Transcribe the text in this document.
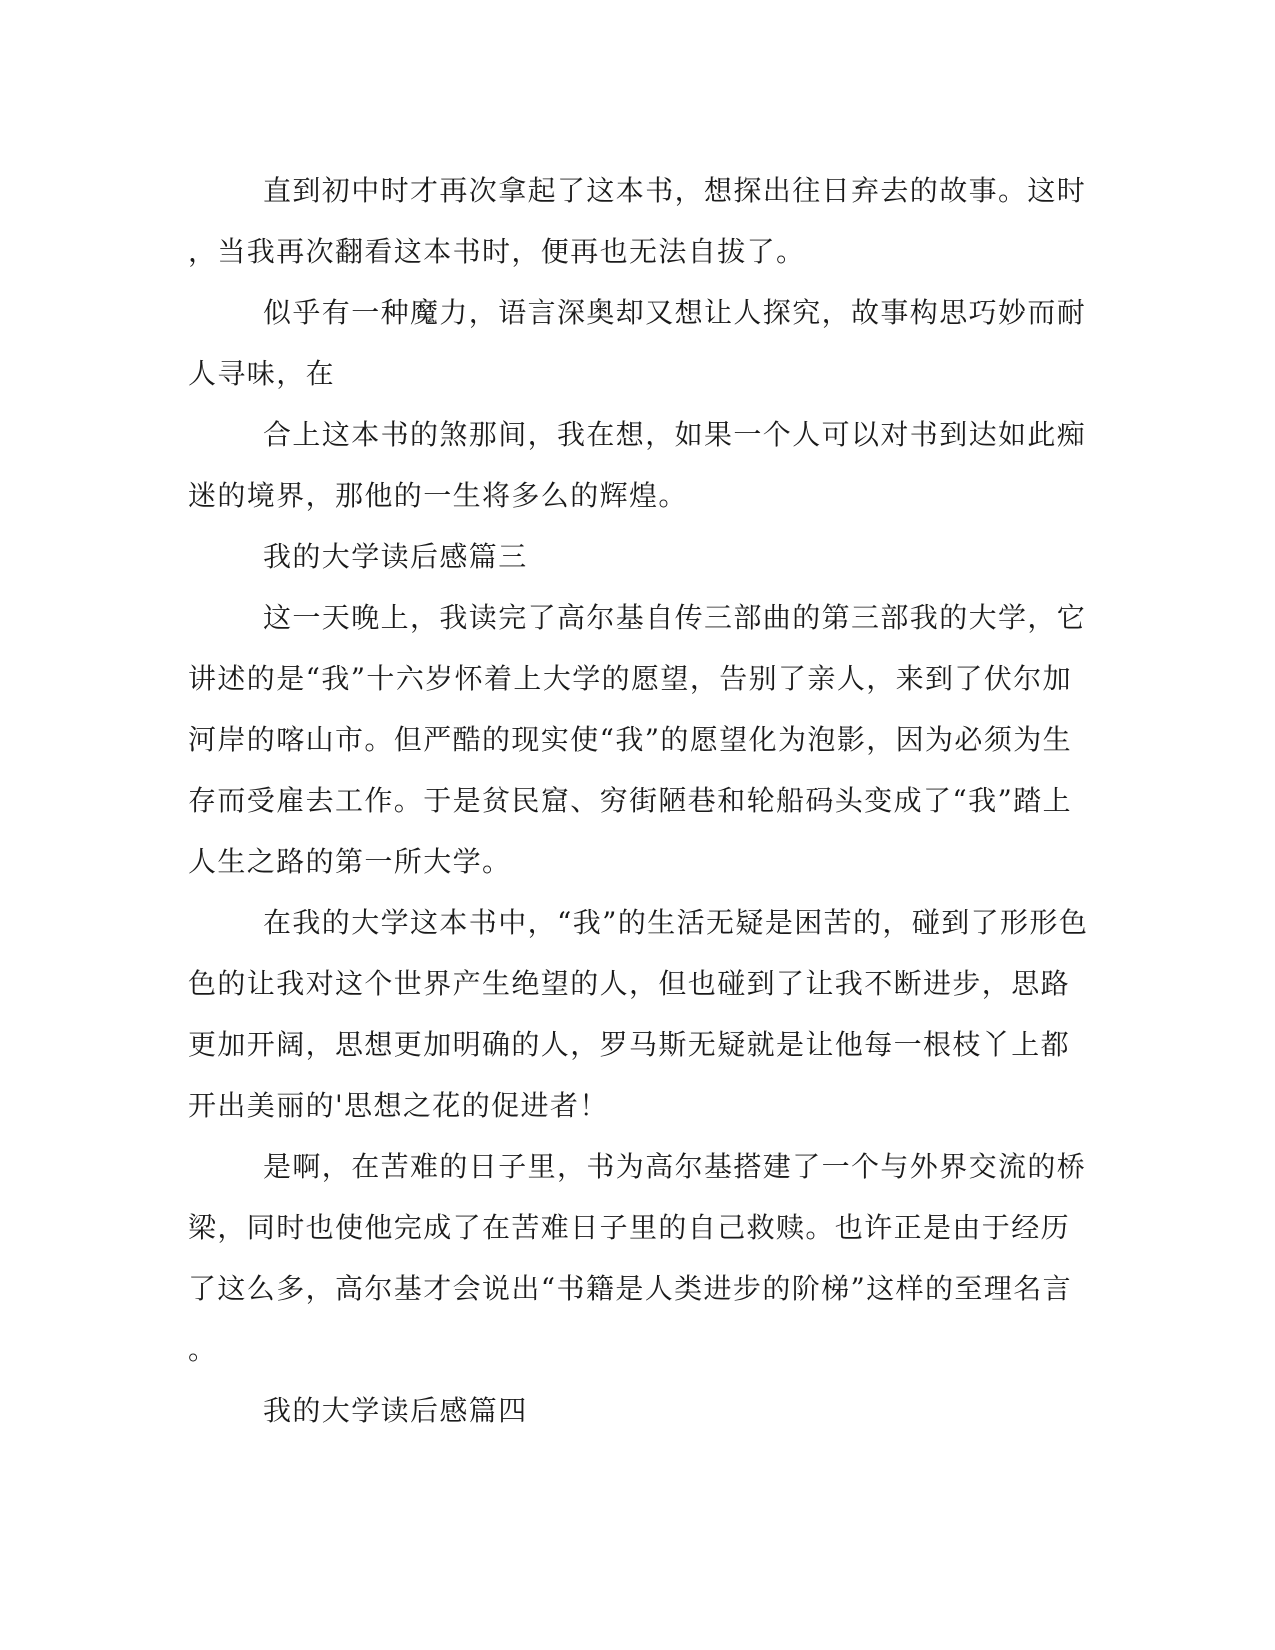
直到初中时才再次拿起了这本书，想探出往日弃去的故事。这时
，当我再次翻看这本书时，便再也无法自拔了。
似乎有一种魔力，语言深奥却又想让人探究，故事构思巧妙而耐
人寻味，在
合上这本书的煞那间，我在想，如果一个人可以对书到达如此痴
迷的境界，那他的一生将多么的辉煌。
我的大学读后感篇三
这一天晚上，我读完了高尔基自传三部曲的第三部我的大学，它
讲述的是“我”十六岁怀着上大学的愿望，告别了亲人，来到了伏尔加
河岸的喀山市。但严酷的现实使“我”的愿望化为泡影，因为必须为生
存而受雇去工作。于是贫民窟、穷街陋巷和轮船码头变成了“我”踏上
人生之路的第一所大学。
在我的大学这本书中，“我”的生活无疑是困苦的，碰到了形形色
色的让我对这个世界产生绝望的人，但也碰到了让我不断进步，思路
更加开阔，思想更加明确的人，罗马斯无疑就是让他每一根枝丫上都
开出美丽的'思想之花的促进者！
是啊，在苦难的日子里，书为高尔基搭建了一个与外界交流的桥
梁，同时也使他完成了在苦难日子里的自己救赎。也许正是由于经历
了这么多，高尔基才会说出“书籍是人类进步的阶梯”这样的至理名言
。
我的大学读后感篇四
